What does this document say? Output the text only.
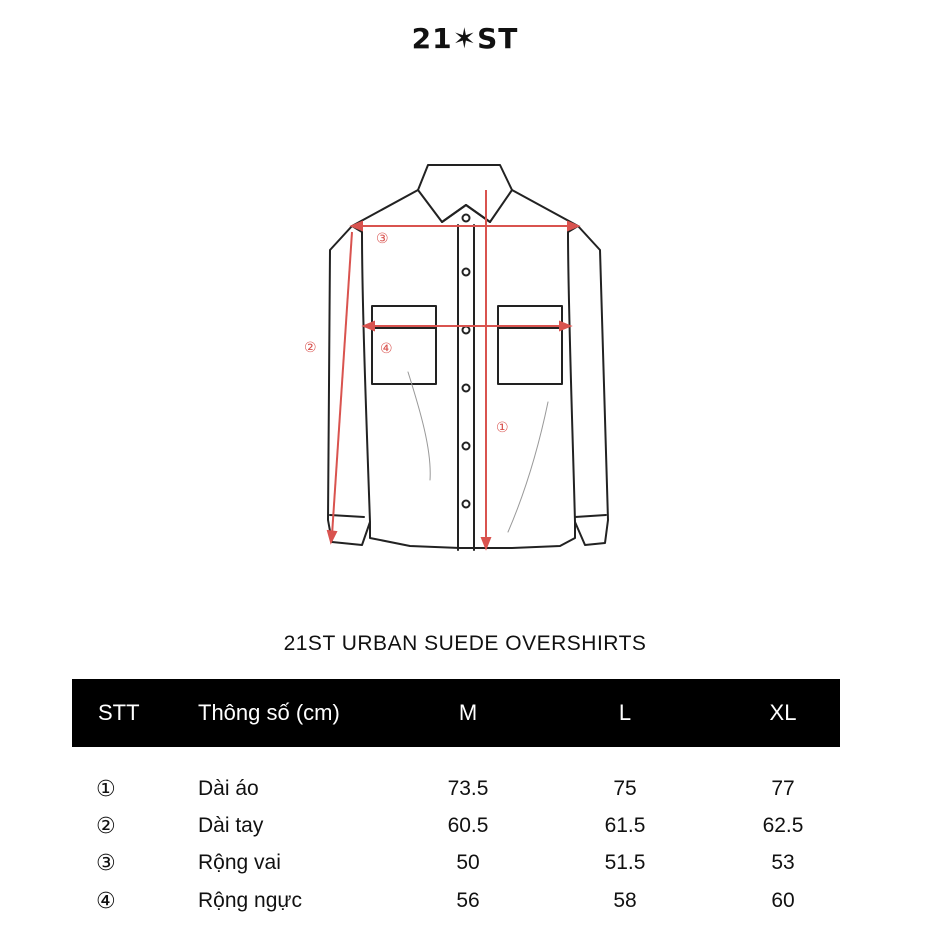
21✶ST
③
④
①
②
21ST URBAN SUEDE OVERSHIRTS
STT	Thông số (cm)	M	L	XL
①	Dài áo	73.5	75	77
②	Dài tay	60.5	61.5	62.5
③	Rộng vai	50	51.5	53
④	Rộng ngực	56	58	60
